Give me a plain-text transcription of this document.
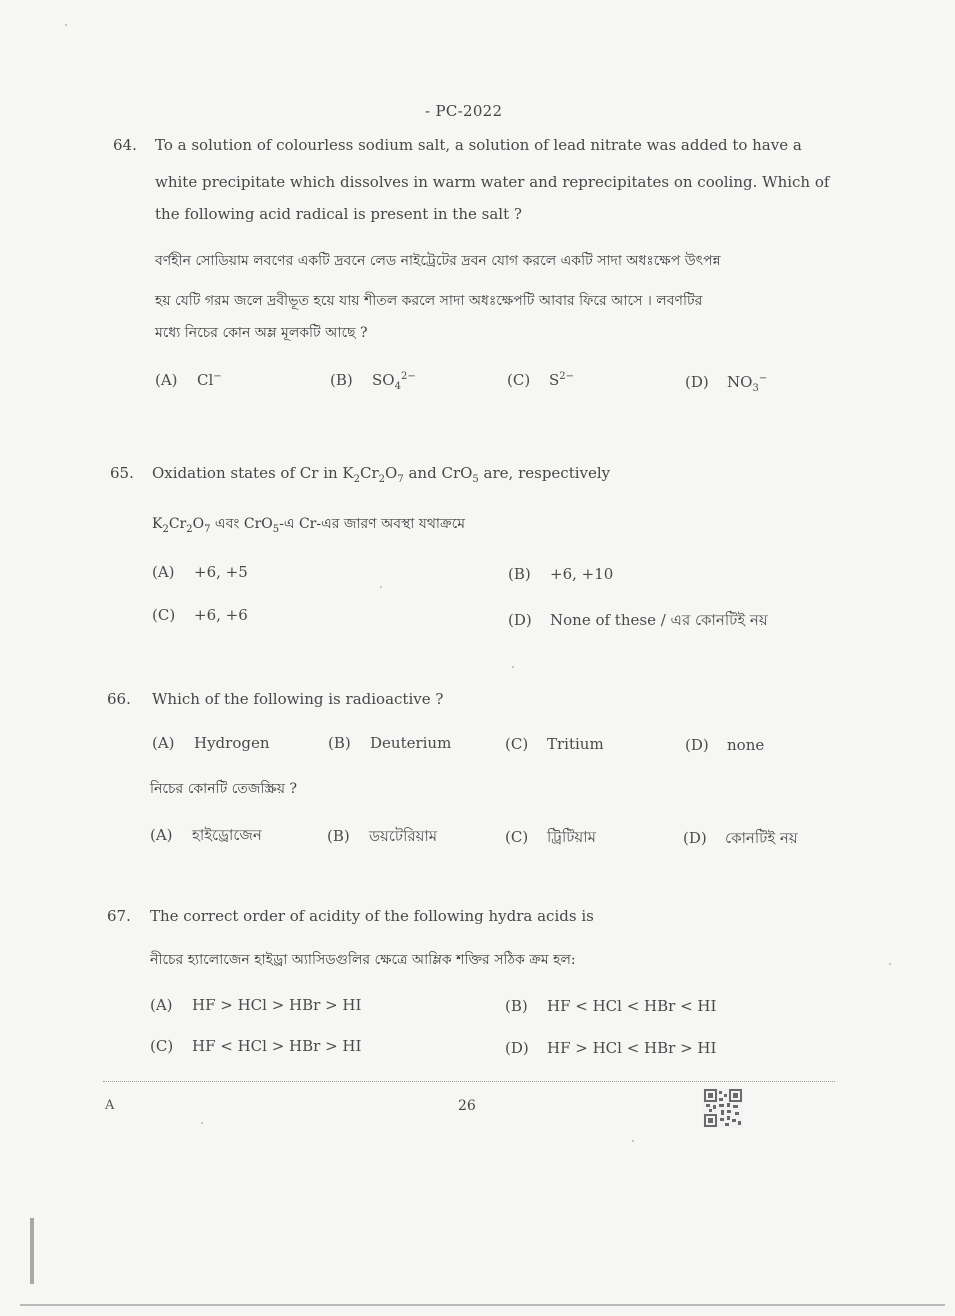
- PC-2022
64. To a solution of colourless sodium salt, a solution of lead nitrate was added to have a
white precipitate which dissolves in warm water and reprecipitates on cooling. Which of
the following acid radical is present in the salt ?
বর্ণহীন সোডিয়াম লবণের একটি দ্রবনে লেড নাইট্রেটের দ্রবন যোগ করলে একটি সাদা অধঃক্ষেপ উৎপন্ন
হয় যেটি গরম জলে দ্রবীভূত হয়ে যায় শীতল করলে সাদা অধঃক্ষেপটি আবার ফিরে আসে । লবণটির
মধ্যে নিচের কোন অম্ল মূলকটি আছে ?
(A) Cl−	(B) $SO_4^{2-}$	(C) $S^{2-}$	(D) $NO_3^-$
65. Oxidation states of Cr in $K_2Cr_2O_7$ and CrO$_5$ are, respectively
$K_2Cr_2O_7$ এবং CrO$_5$-এ Cr-এর জারণ অবস্থা যথাক্রমে
(A) +6, +5	(B) +6, +10
(C) +6, +6	(D) None of these / এর কোনটিই নয়
66. Which of the following is radioactive ?
(A) Hydrogen	(B) Deuterium	(C) Tritium	(D) none
নিচের কোনটি তেজস্ক্রিয় ?
(A) হাইড্রোজেন	(B) ডয়টেরিয়াম	(C) ট্রিটিয়াম	(D) কোনটিই নয়
67. The correct order of acidity of the following hydra acids is
নীচের হ্যালোজেন হাইড্রা অ্যাসিডগুলির ক্ষেত্রে আম্লিক শক্তির সঠিক ক্রম হল:
(A) HF > HCl > HBr > HI	(B) HF < HCl < HBr < HI
(C) HF < HCl > HBr > HI	(D) HF > HCl < HBr > HI
A	26
